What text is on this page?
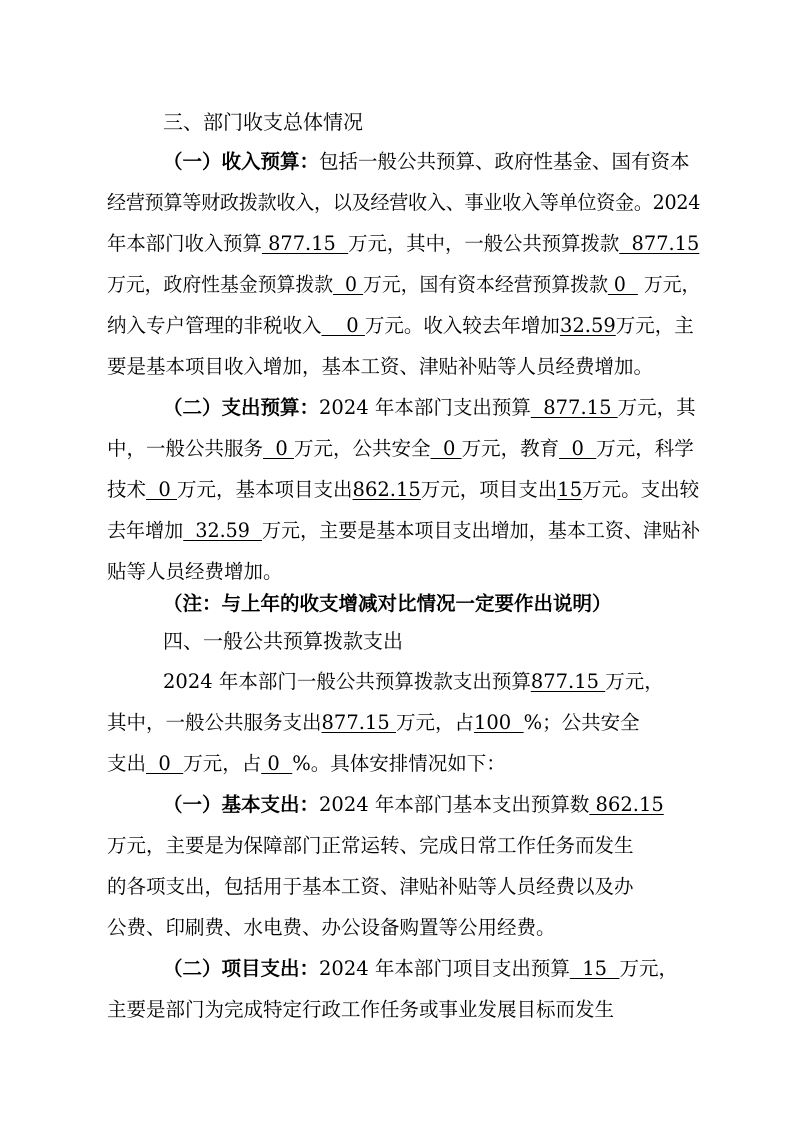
三、部门收支总体情况
（一）收入预算：包括一般公共预算、政府性基金、国有资本
经营预算等财政拨款收入，以及经营收入、事业收入等单位资金。2024
年本部门收入预算 877.15  万元，其中，一般公共预算拨款  877.15
万元，政府性基金预算拨款  0 万元，国有资本经营预算拨款 0   万元，
纳入专户管理的非税收入    0 万元。收入较去年增加32.59万元，主
要是基本项目收入增加，基本工资、津贴补贴等人员经费增加。
（二）支出预算：2024 年本部门支出预算  877.15 万元，其
中，一般公共服务  0 万元，公共安全  0 万元，教育  0  万元，科学
技术  0 万元，基本项目支出862.15万元，项目支出15万元。支出较
去年增加  32.59  万元，主要是基本项目支出增加，基本工资、津贴补
贴等人员经费增加。
（注：与上年的收支增减对比情况一定要作出说明）
四、一般公共预算拨款支出
2024 年本部门一般公共预算拨款支出预算877.15 万元，
其中，一般公共服务支出877.15 万元，占100  %；公共安全
支出  0  万元，占 0  %。具体安排情况如下：
（一）基本支出：2024 年本部门基本支出预算数 862.15
万元，主要是为保障部门正常运转、完成日常工作任务而发生
的各项支出，包括用于基本工资、津贴补贴等人员经费以及办
公费、印刷费、水电费、办公设备购置等公用经费。
（二）项目支出：2024 年本部门项目支出预算  15  万元，
主要是部门为完成特定行政工作任务或事业发展目标而发生
